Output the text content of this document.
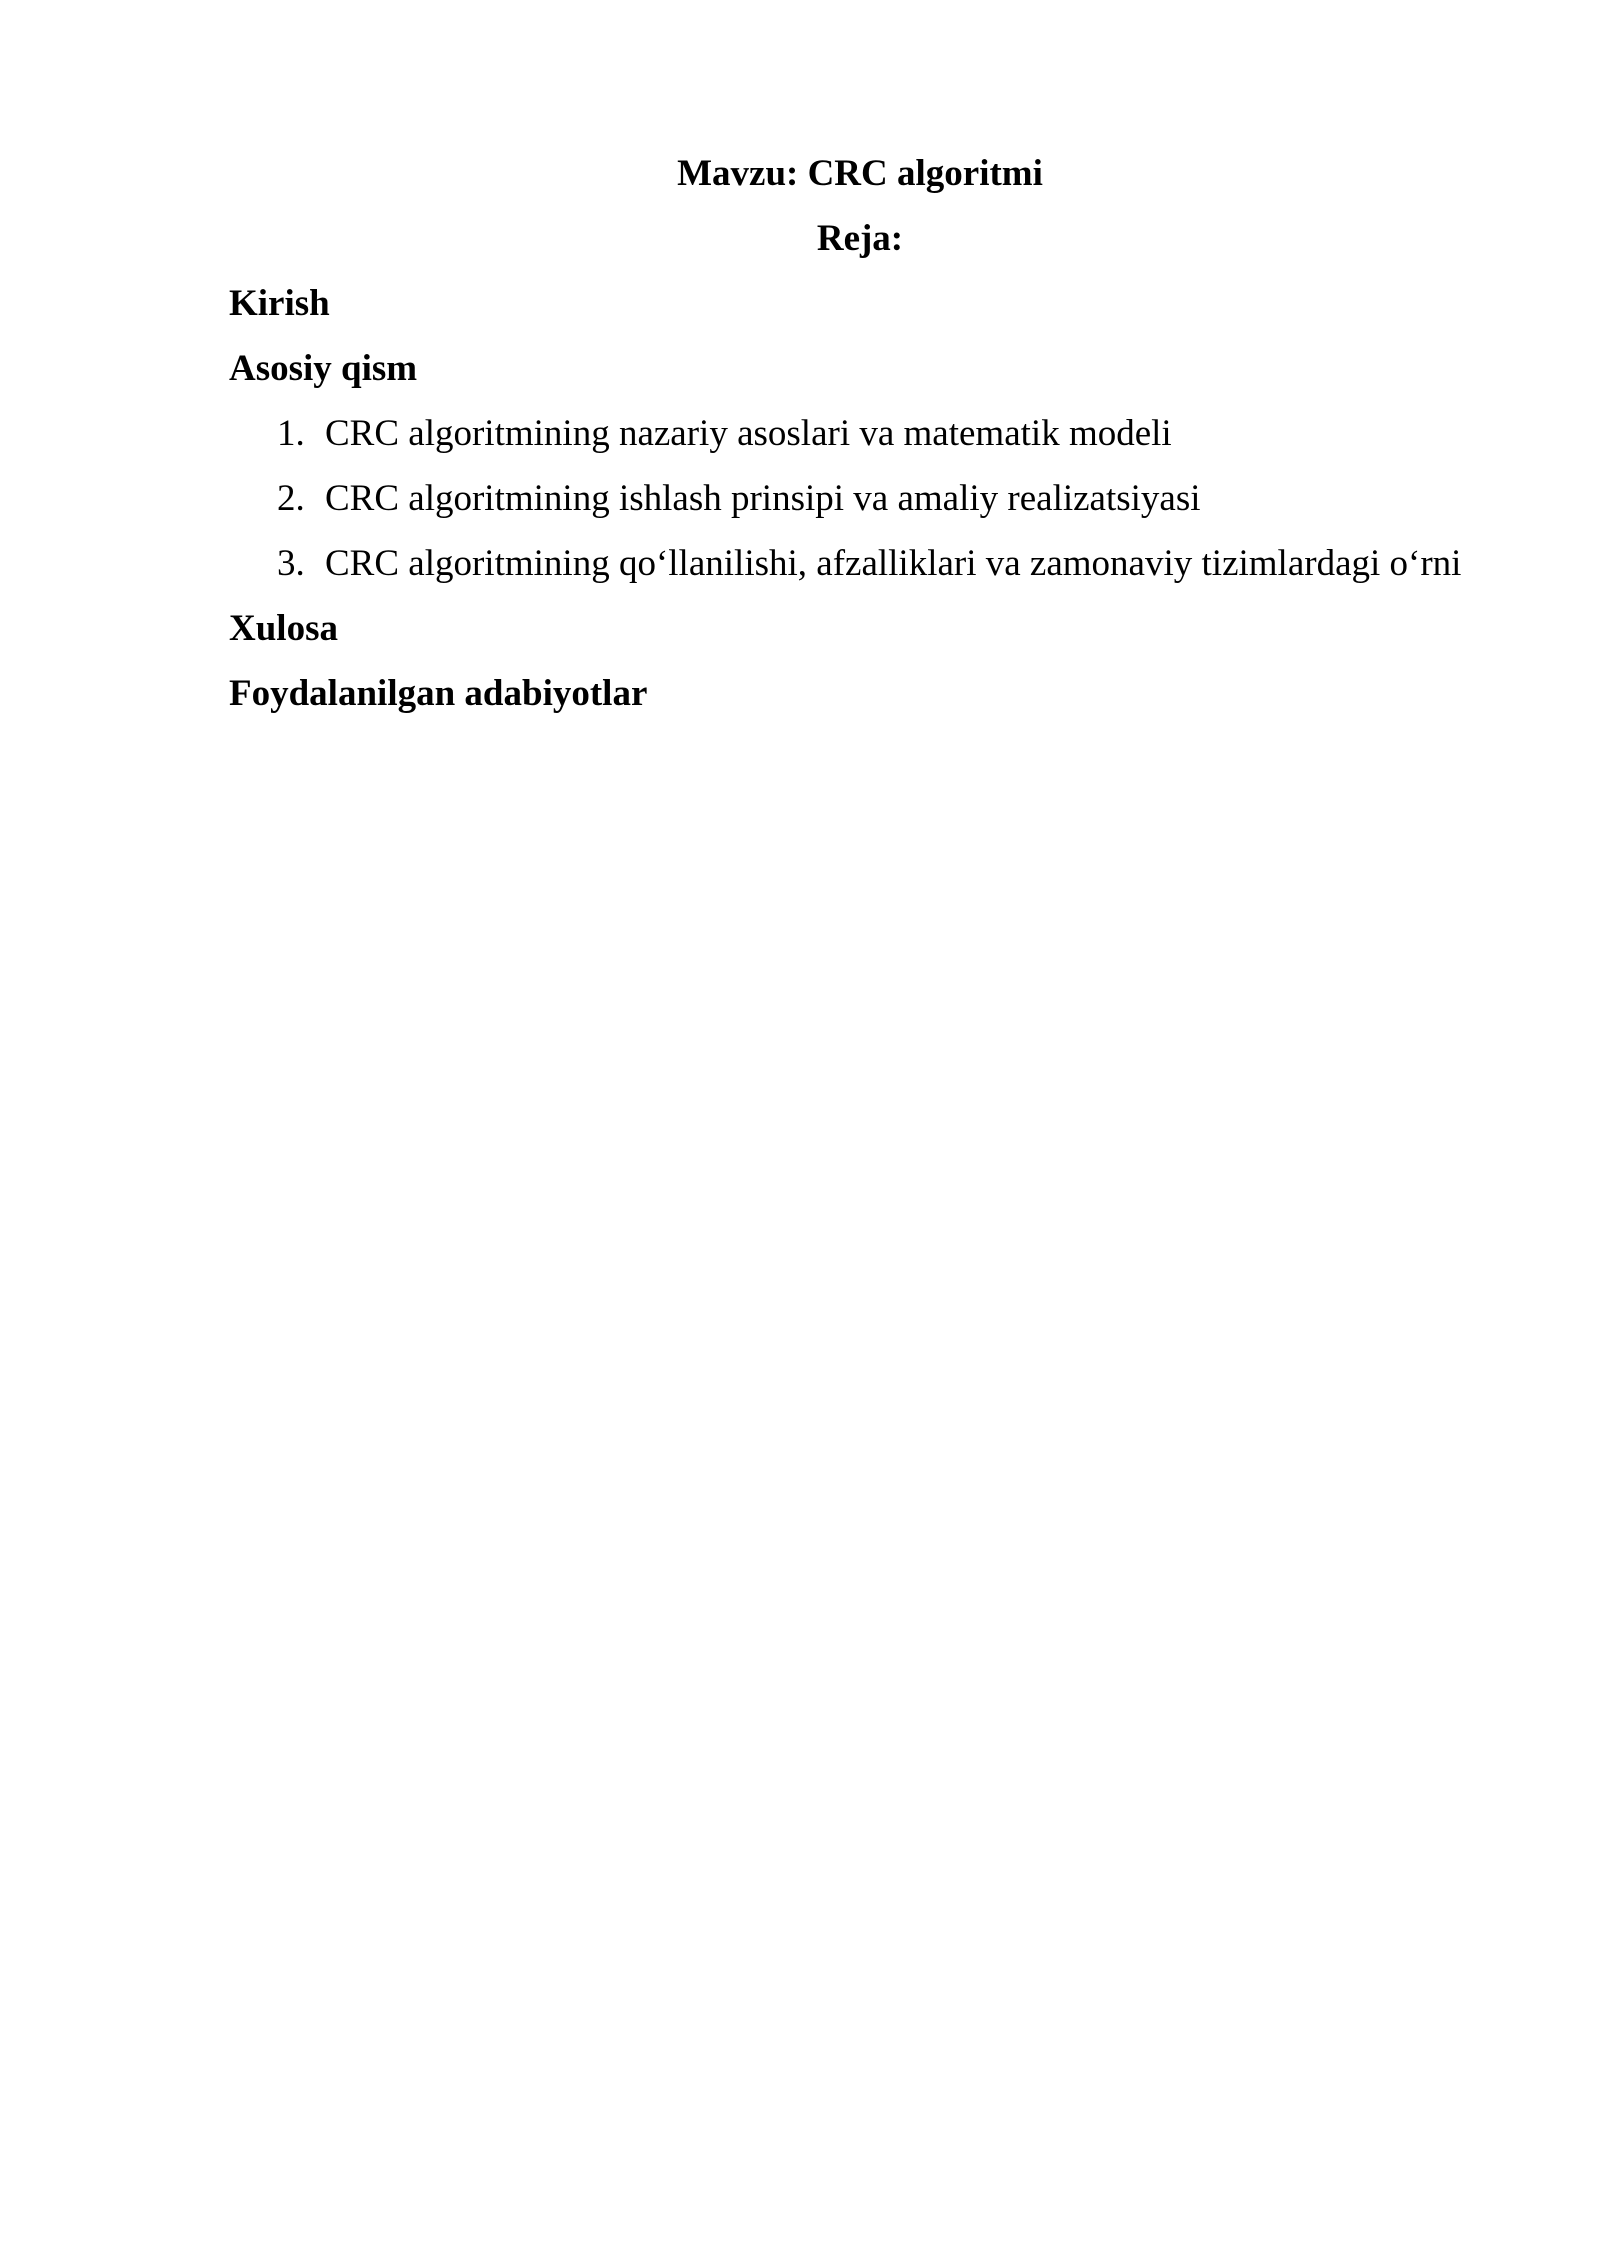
Mavzu: CRC algoritmi
Reja:
Kirish
Asosiy qism
1. CRC algoritmining nazariy asoslari va matematik modeli
2. CRC algoritmining ishlash prinsipi va amaliy realizatsiyasi
3. CRC algoritmining qo‘llanilishi, afzalliklari va zamonaviy tizimlardagi o‘rni
Xulosa
Foydalanilgan adabiyotlar
